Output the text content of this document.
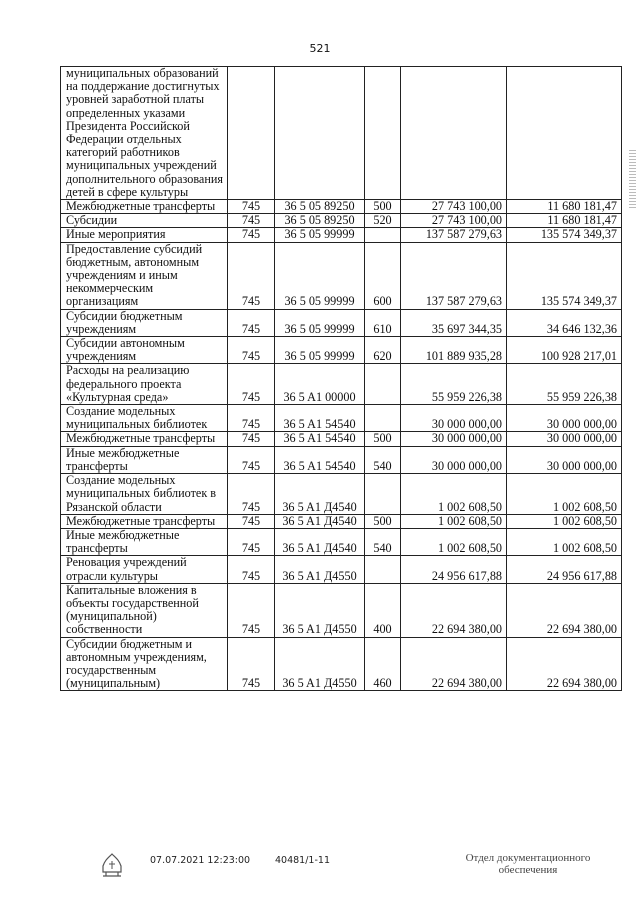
521
муниципальных образований на поддержание достигнутых уровней заработной платы определенных указами Президента Российской Федерации отдельных категорий работников муниципальных учреждений дополнительного образования детей в сфере культуры					
Межбюджетные трансферты	745	36 5 05 89250	500	27 743 100,00	11 680 181,47
Субсидии	745	36 5 05 89250	520	27 743 100,00	11 680 181,47
Иные мероприятия	745	36 5 05 99999		137 587 279,63	135 574 349,37
Предоставление субсидий бюджетным, автономным учреждениям и иным некоммерческим организациям	745	36 5 05 99999	600	137 587 279,63	135 574 349,37
Субсидии бюджетным учреждениям	745	36 5 05 99999	610	35 697 344,35	34 646 132,36
Субсидии автономным учреждениям	745	36 5 05 99999	620	101 889 935,28	100 928 217,01
Расходы на реализацию федерального проекта «Культурная среда»	745	36 5 A1 00000		55 959 226,38	55 959 226,38
Создание модельных муниципальных библиотек	745	36 5 A1 54540		30 000 000,00	30 000 000,00
Межбюджетные трансферты	745	36 5 A1 54540	500	30 000 000,00	30 000 000,00
Иные межбюджетные трансферты	745	36 5 A1 54540	540	30 000 000,00	30 000 000,00
Создание модельных муниципальных библиотек в Рязанской области	745	36 5 A1 Д4540		1 002 608,50	1 002 608,50
Межбюджетные трансферты	745	36 5 A1 Д4540	500	1 002 608,50	1 002 608,50
Иные межбюджетные трансферты	745	36 5 A1 Д4540	540	1 002 608,50	1 002 608,50
Реновация учреждений отрасли культуры	745	36 5 A1 Д4550		24 956 617,88	24 956 617,88
Капитальные вложения в объекты государственной (муниципальной) собственности	745	36 5 A1 Д4550	400	22 694 380,00	22 694 380,00
Субсидии бюджетным и автономным учреждениям, государственным (муниципальным)	745	36 5 A1 Д4550	460	22 694 380,00	22 694 380,00
07.07.2021 12:23:00	40481/1-11	Отдел документационного
обеспечения
